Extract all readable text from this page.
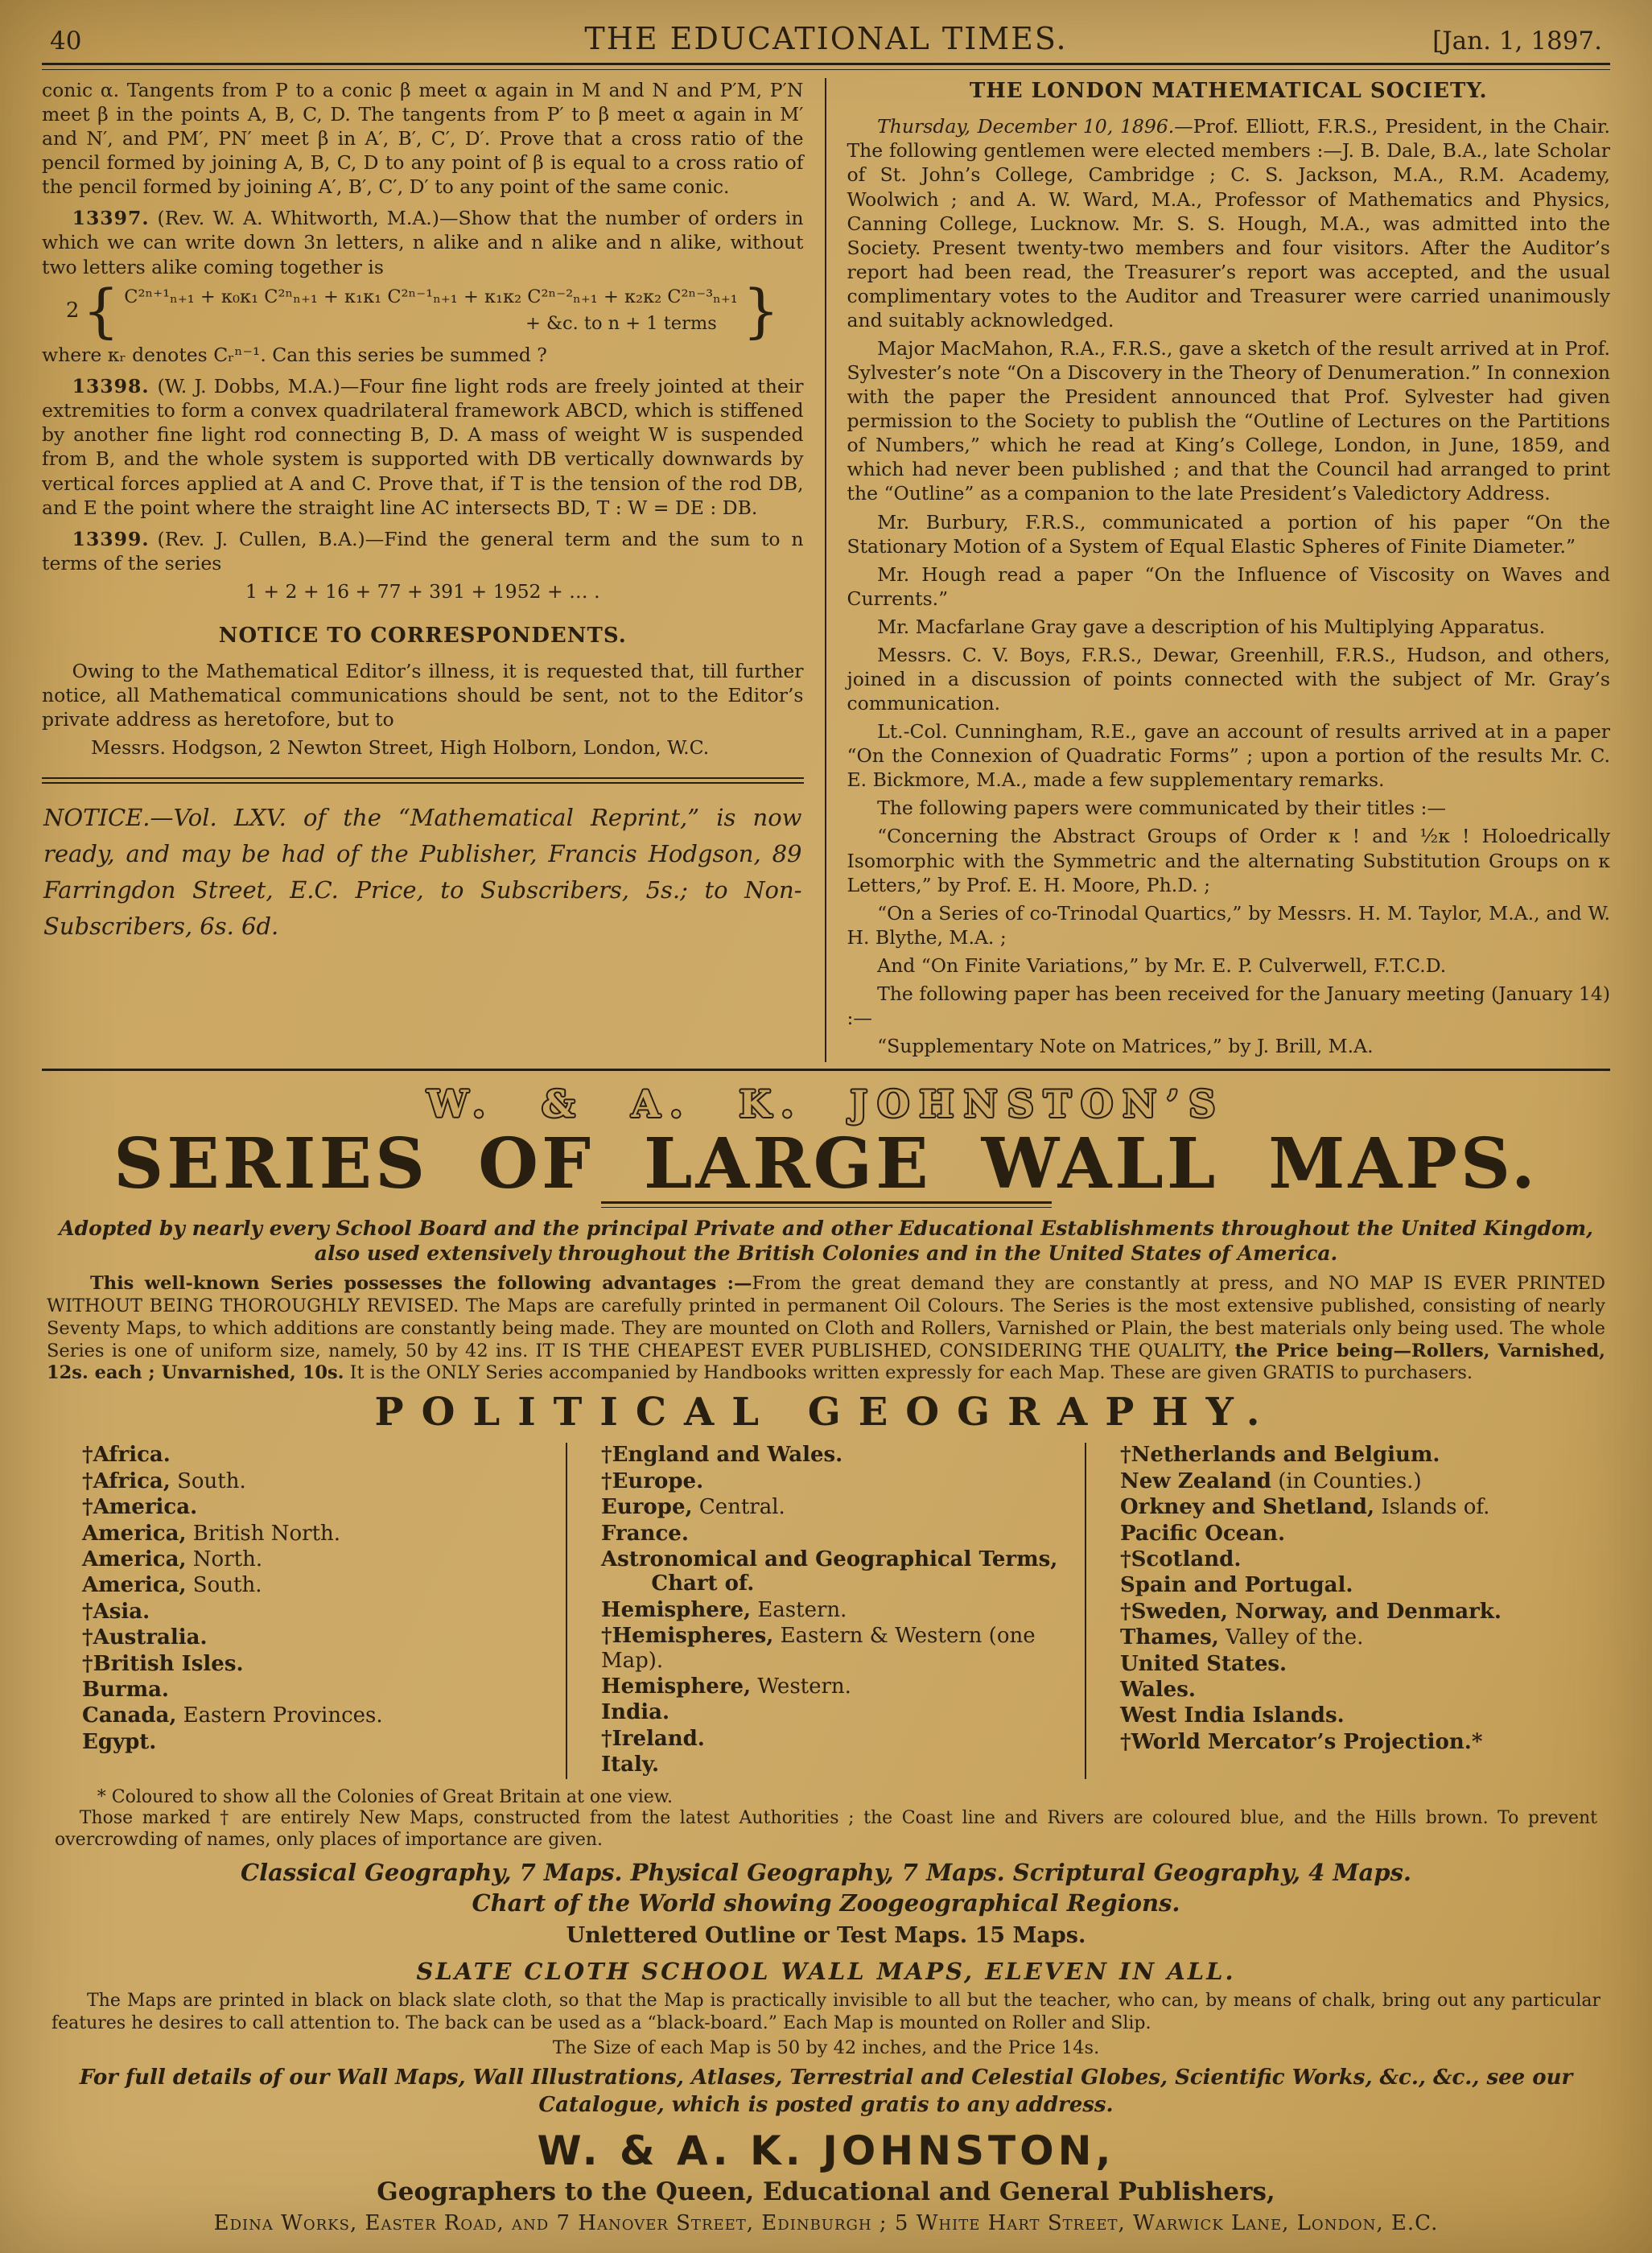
40	THE EDUCATIONAL TIMES.	[Jan. 1, 1897.

conic α. Tangents from P to a conic β meet α again in M and N and P′M, P′N meet β in the points A, B, C, D. The tangents from P′ to β meet α again in M′ and N′, and PM′, PN′ meet β in A′, B′, C′, D′. Prove that a cross ratio of the pencil formed by joining A, B, C, D to any point of β is equal to a cross ratio of the pencil formed by joining A′, B′, C′, D′ to any point of the same conic.

13397. (Rev. W. A. Whitworth, M.A.)—Show that the number of orders in which we can write down 3n letters, n alike and n alike and n alike, without two letters alike coming together is

2 { C²ⁿ⁺¹ₙ₊₁ + κ₀κ₁ C²ⁿₙ₊₁ + κ₁κ₁ C²ⁿ⁻¹ₙ₊₁ + κ₁κ₂ C²ⁿ⁻²ₙ₊₁ + κ₂κ₂ C²ⁿ⁻³ₙ₊₁
+ &c. to n + 1 terms }

where κᵣ denotes Cᵣⁿ⁻¹. Can this series be summed ?

13398. (W. J. Dobbs, M.A.)—Four fine light rods are freely jointed at their extremities to form a convex quadrilateral framework ABCD, which is stiffened by another fine light rod connecting B, D. A mass of weight W is suspended from B, and the whole system is supported with DB vertically downwards by vertical forces applied at A and C. Prove that, if T is the tension of the rod DB, and E the point where the straight line AC intersects BD, T : W = DE : DB.

13399. (Rev. J. Cullen, B.A.)—Find the general term and the sum to n terms of the series

1 + 2 + 16 + 77 + 391 + 1952 + … .

NOTICE TO CORRESPONDENTS.

Owing to the Mathematical Editor’s illness, it is requested that, till further notice, all Mathematical communications should be sent, not to the Editor’s private address as heretofore, but to

Messrs. Hodgson, 2 Newton Street, High Holborn, London, W.C.

NOTICE.—Vol. LXV. of the “Mathematical Reprint,” is now ready, and may be had of the Publisher, Francis Hodgson, 89 Farringdon Street, E.C. Price, to Subscribers, 5s.; to Non-Subscribers, 6s. 6d.

THE LONDON MATHEMATICAL SOCIETY.

Thursday, December 10, 1896.—Prof. Elliott, F.R.S., President, in the Chair. The following gentlemen were elected members :—J. B. Dale, B.A., late Scholar of St. John’s College, Cambridge ; C. S. Jackson, M.A., R.M. Academy, Woolwich ; and A. W. Ward, M.A., Professor of Mathematics and Physics, Canning College, Lucknow. Mr. S. S. Hough, M.A., was admitted into the Society. Present twenty-two members and four visitors. After the Auditor’s report had been read, the Treasurer’s report was accepted, and the usual complimentary votes to the Auditor and Treasurer were carried unanimously and suitably acknowledged.

Major MacMahon, R.A., F.R.S., gave a sketch of the result arrived at in Prof. Sylvester’s note “On a Discovery in the Theory of Denumeration.” In connexion with the paper the President announced that Prof. Sylvester had given permission to the Society to publish the “Outline of Lectures on the Partitions of Numbers,” which he read at King’s College, London, in June, 1859, and which had never been published ; and that the Council had arranged to print the “Outline” as a companion to the late President’s Valedictory Address.

Mr. Burbury, F.R.S., communicated a portion of his paper “On the Stationary Motion of a System of Equal Elastic Spheres of Finite Diameter.”

Mr. Hough read a paper “On the Influence of Viscosity on Waves and Currents.”

Mr. Macfarlane Gray gave a description of his Multiplying Apparatus.

Messrs. C. V. Boys, F.R.S., Dewar, Greenhill, F.R.S., Hudson, and others, joined in a discussion of points connected with the subject of Mr. Gray’s communication.

Lt.-Col. Cunningham, R.E., gave an account of results arrived at in a paper “On the Connexion of Quadratic Forms” ; upon a portion of the results Mr. C. E. Bickmore, M.A., made a few supplementary remarks.

The following papers were communicated by their titles :—

“Concerning the Abstract Groups of Order κ ! and ½κ ! Holoedrically Isomorphic with the Symmetric and the alternating Substitution Groups on κ Letters,” by Prof. E. H. Moore, Ph.D. ;

“On a Series of co-Trinodal Quartics,” by Messrs. H. M. Taylor, M.A., and W. H. Blythe, M.A. ;

And “On Finite Variations,” by Mr. E. P. Culverwell, F.T.C.D.

The following paper has been received for the January meeting (January 14) :—

“Supplementary Note on Matrices,” by J. Brill, M.A.

W. & A. K. JOHNSTON’S
SERIES OF LARGE WALL MAPS.

Adopted by nearly every School Board and the principal Private and other Educational Establishments throughout the United Kingdom, also used extensively throughout the British Colonies and in the United States of America.

This well-known Series possesses the following advantages :—From the great demand they are constantly at press, and NO MAP IS EVER PRINTED WITHOUT BEING THOROUGHLY REVISED. The Maps are carefully printed in permanent Oil Colours. The Series is the most extensive published, consisting of nearly Seventy Maps, to which additions are constantly being made. They are mounted on Cloth and Rollers, Varnished or Plain, the best materials only being used. The whole Series is one of uniform size, namely, 50 by 42 ins. IT IS THE CHEAPEST EVER PUBLISHED, CONSIDERING THE QUALITY, the Price being—Rollers, Varnished, 12s. each ; Unvarnished, 10s. It is the ONLY Series accompanied by Handbooks written expressly for each Map. These are given GRATIS to purchasers.

POLITICAL GEOGRAPHY.
†Africa.
†Africa, South.
†America.
America, British North.
America, North.
America, South.
†Asia.
†Australia.
†British Isles.
Burma.
Canada, Eastern Provinces.
Egypt.
†England and Wales.
†Europe.
Europe, Central.
France.
Astronomical and Geographical Terms,
Chart of.
Hemisphere, Eastern.
†Hemispheres, Eastern & Western (one Map).
Hemisphere, Western.
India.
†Ireland.
Italy.
†Netherlands and Belgium.
New Zealand (in Counties.)
Orkney and Shetland, Islands of.
Pacific Ocean.
†Scotland.
Spain and Portugal.
†Sweden, Norway, and Denmark.
Thames, Valley of the.
United States.
Wales.
West India Islands.
†World Mercator’s Projection.*

* Coloured to show all the Colonies of Great Britain at one view.

Those marked † are entirely New Maps, constructed from the latest Authorities ; the Coast line and Rivers are coloured blue, and the Hills brown. To prevent overcrowding of names, only places of importance are given.

Classical Geography, 7 Maps. Physical Geography, 7 Maps. Scriptural Geography, 4 Maps. Chart of the World showing Zoogeographical Regions.

Unlettered Outline or Test Maps. 15 Maps.

SLATE CLOTH SCHOOL WALL MAPS, ELEVEN IN ALL.

The Maps are printed in black on black slate cloth, so that the Map is practically invisible to all but the teacher, who can, by means of chalk, bring out any particular features he desires to call attention to. The back can be used as a “black-board.” Each Map is mounted on Roller and Slip.

The Size of each Map is 50 by 42 inches, and the Price 14s.

For full details of our Wall Maps, Wall Illustrations, Atlases, Terrestrial and Celestial Globes, Scientific Works, &c., &c., see our Catalogue, which is posted gratis to any address.

W. & A. K. JOHNSTON,
Geographers to the Queen, Educational and General Publishers,
Edina Works, Easter Road, and 7 Hanover Street, Edinburgh ; 5 White Hart Street, Warwick Lane, London, E.C.
